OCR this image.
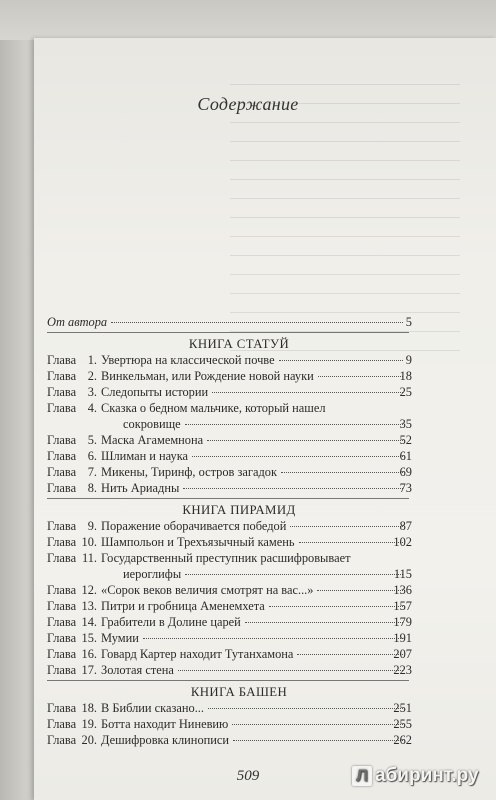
Содержание
От автора	5
КНИГА СТАТУЙ
Глава 1. Увертюра на классической почве	9
Глава 2. Винкельман, или Рождение новой науки	18
Глава 3. Следопыты истории	25
Глава 4. Сказка о бедном мальчике, который нашел
сокровище	35
Глава 5. Маска Агамемнона	52
Глава 6. Шлиман и наука	61
Глава 7. Микены, Тиринф, остров загадок	69
Глава 8. Нить Ариадны	73
КНИГА ПИРАМИД
Глава 9. Поражение оборачивается победой	87
Глава 10. Шампольон и Трехъязычный камень	102
Глава 11. Государственный преступник расшифровывает
иероглифы	115
Глава 12. «Сорок веков величия смотрят на вас...»	136
Глава 13. Питри и гробница Аменемхета	157
Глава 14. Грабители в Долине царей	179
Глава 15. Мумии	191
Глава 16. Говард Картер находит Тутанхамона	207
Глава 17. Золотая стена	223
КНИГА БАШЕН
Глава 18. В Библии сказано...	251
Глава 19. Ботта находит Ниневию	255
Глава 20. Дешифровка клинописи	262
509	Л абиринт.ру
